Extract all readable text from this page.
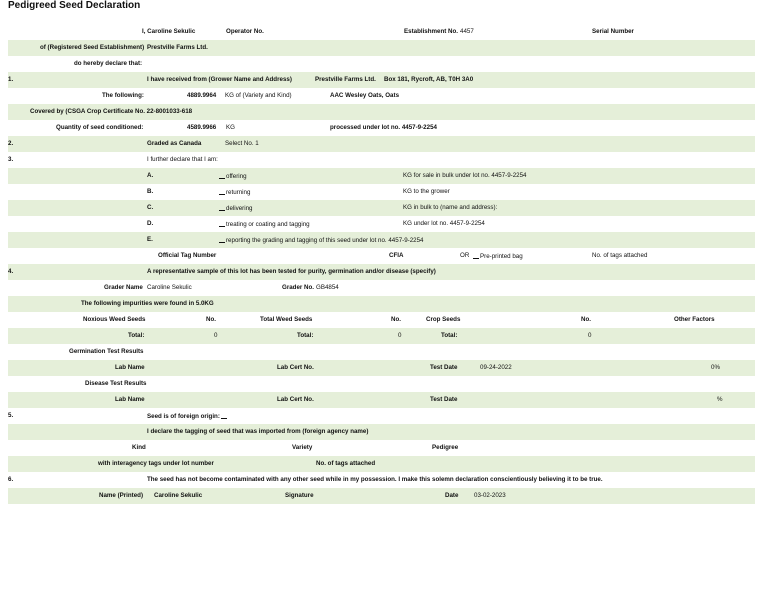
Pedigreed Seed Declaration
I, Caroline Sekulic	Operator No.	Establishment No. 4457	Serial Number
of (Registered Seed Establishment) Prestville Farms Ltd.
do hereby declare that:
1.	I have received from (Grower Name and Address)	Prestville Farms Ltd. Box 181, Rycroft, AB, T0H 3A0
The following:	4889.9964 KG of (Variety and Kind)	AAC Wesley Oats, Oats
Covered by (CSGA Crop Certificate No. 22-8001033-618
Quantity of seed conditioned:	4589.9966 KG	processed under lot no. 4457-9-2254
2.	Graded as Canada	Select No. 1
3.	I further declare that I am:
A.	offering	KG for sale in bulk under lot no. 4457-9-2254
B.	returning	KG to the grower
C.	delivering	KG in bulk to (name and address):
D.	treating or coating and tagging	KG under lot no. 4457-9-2254
E.	reporting the grading and tagging of this seed under lot no. 4457-9-2254
Official Tag Number	CFIA	OR	Pre-printed bag	No. of tags attached
4.	A representative sample of this lot has been tested for purity, germination and/or disease (specify)
Grader Name Caroline Sekulic	Grader No. GB4854
The following impurities were found in 5.0KG
Noxious Weed Seeds	No.	Total Weed Seeds	No.	Crop Seeds	No.	Other Factors
Total:	0	Total:	0	Total:	0
Germination Test Results
Lab Name	Lab Cert No.	Test Date	09-24-2022	0%
Disease Test Results
Lab Name	Lab Cert No.	Test Date	%
5.	Seed is of foreign origin:
I declare the tagging of seed that was imported from (foreign agency name)
Kind	Variety	Pedigree
with interagency tags under lot number	No. of tags attached
6.	The seed has not become contaminated with any other seed while in my possession. I make this solemn declaration conscientiously believing it to be true.
Name (Printed) Caroline Sekulic	Signature	Date	03-02-2023
